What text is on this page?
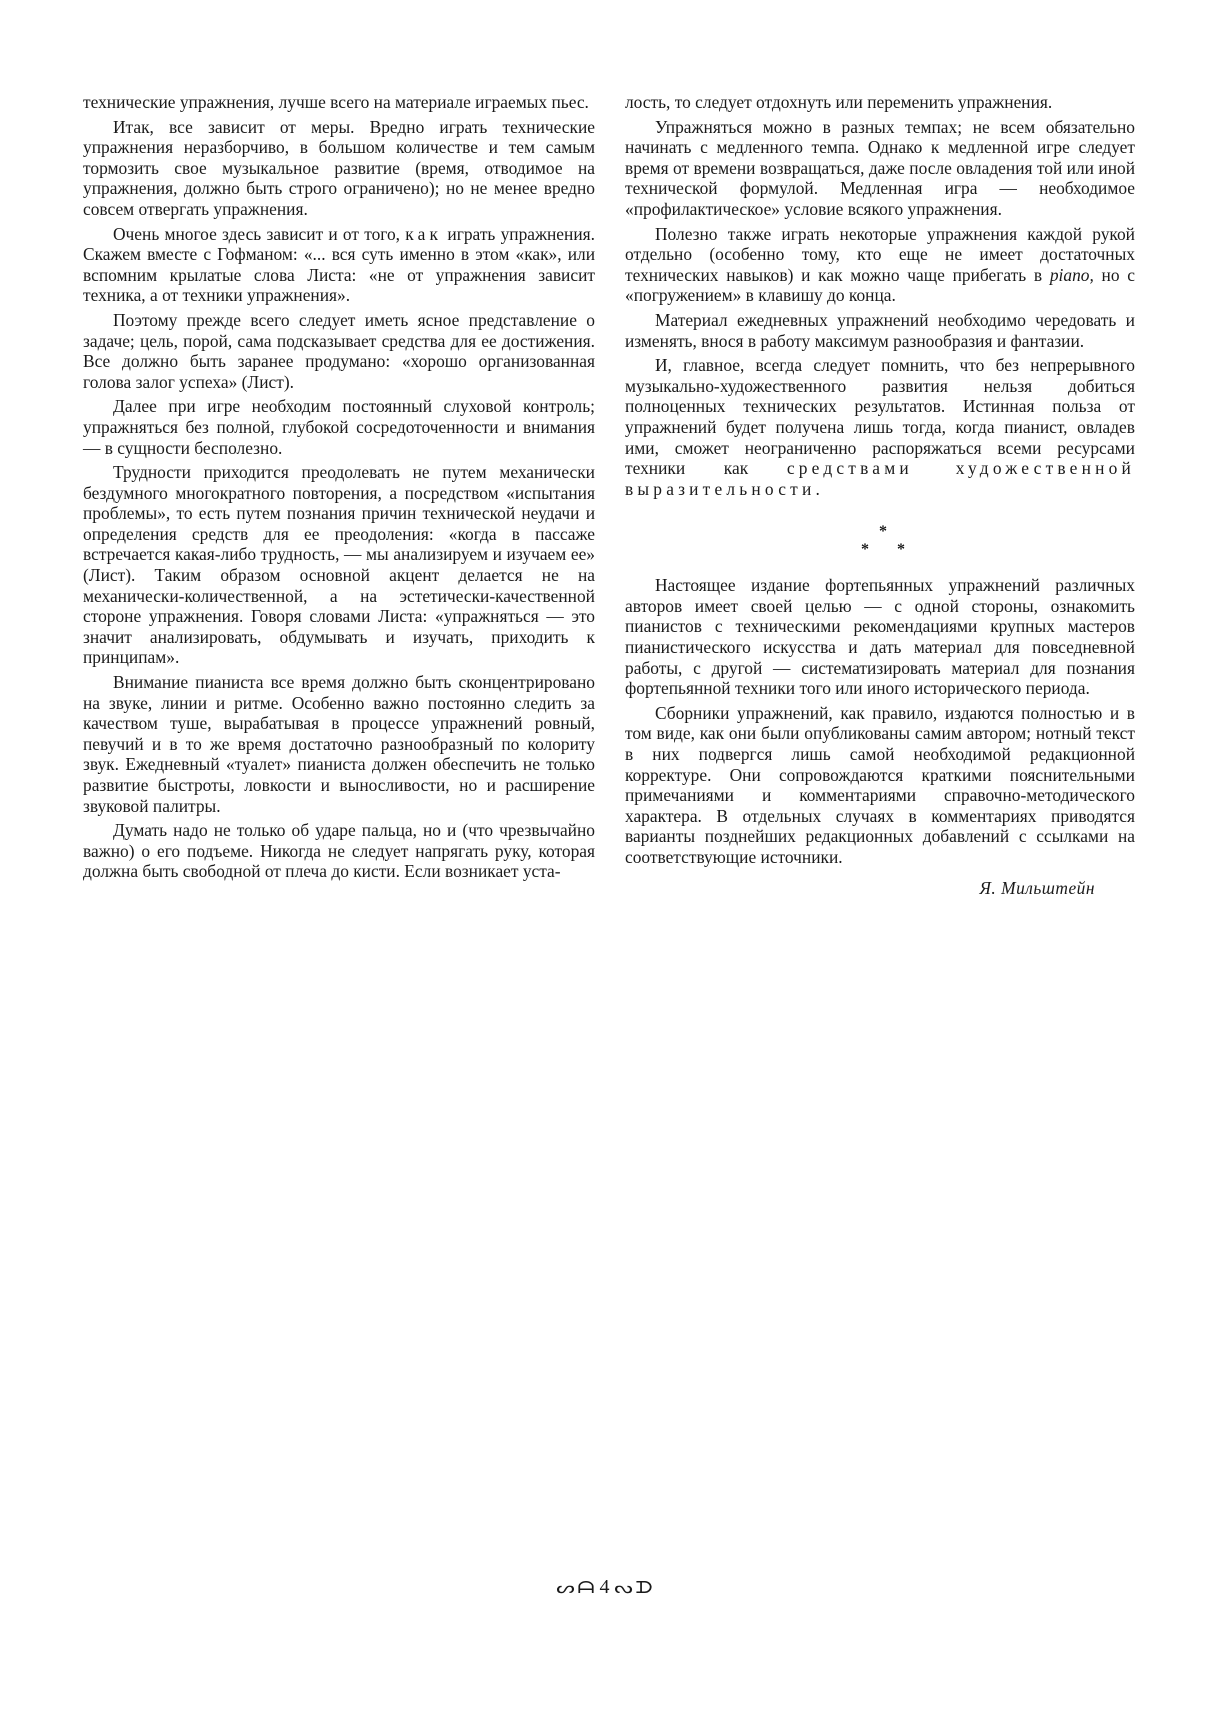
технические упражнения, лучше всего на материале играемых пьес.

Итак, все зависит от меры. Вредно играть технические упражнения неразборчиво, в большом количестве и тем самым тормозить свое музыкальное развитие (время, отводимое на упражнения, должно быть строго ограничено); но не менее вредно совсем отвергать упражнения.

Очень многое здесь зависит и от того, как играть упражнения. Скажем вместе с Гофманом: «... вся суть именно в этом «как», или вспомним крылатые слова Листа: «не от упражнения зависит техника, а от техники упражнения».

Поэтому прежде всего следует иметь ясное представление о задаче; цель, порой, сама подсказывает средства для ее достижения. Все должно быть заранее продумано: «хорошо организованная голова залог успеха» (Лист).

Далее при игре необходим постоянный слуховой контроль; упражняться без полной, глубокой сосредоточенности и внимания — в сущности бесполезно.

Трудности приходится преодолевать не путем механически бездумного многократного повторения, а посредством «испытания проблемы», то есть путем познания причин технической неудачи и определения средств для ее преодоления: «когда в пассаже встречается какая-либо трудность, — мы анализируем и изучаем ее» (Лист). Таким образом основной акцент делается не на механически-количественной, а на эстетически-качественной стороне упражнения. Говоря словами Листа: «упражняться — это значит анализировать, обдумывать и изучать, приходить к принципам».

Внимание пианиста все время должно быть сконцентрировано на звуке, линии и ритме. Особенно важно постоянно следить за качеством туше, вырабатывая в процессе упражнений ровный, певучий и в то же время достаточно разнообразный по колориту звук. Ежедневный «туалет» пианиста должен обеспечить не только развитие быстроты, ловкости и выносливости, но и расширение звуковой палитры.

Думать надо не только об ударе пальца, но и (что чрезвычайно важно) о его подъеме. Никогда не следует напрягать руку, которая должна быть свободной от плеча до кисти. Если возникает уста-

лость, то следует отдохнуть или переменить упражнения.

Упражняться можно в разных темпах; не всем обязательно начинать с медленного темпа. Однако к медленной игре следует время от времени возвращаться, даже после овладения той или иной технической формулой. Медленная игра — необходимое «профилактическое» условие всякого упражнения.

Полезно также играть некоторые упражнения каждой рукой отдельно (особенно тому, кто еще не имеет достаточных технических навыков) и как можно чаще прибегать в piano, но с «погружением» в клавишу до конца.

Материал ежедневных упражнений необходимо чередовать и изменять, внося в работу максимум разнообразия и фантазии.

И, главное, всегда следует помнить, что без непрерывного музыкально-художественного развития нельзя добиться полноценных технических результатов. Истинная польза от упражнений будет получена лишь тогда, когда пианист, овладев ими, сможет неограниченно распоряжаться всеми ресурсами техники как средствами художественной выразительности.

*
* *

Настоящее издание фортепьянных упражнений различных авторов имеет своей целью — с одной стороны, ознакомить пианистов с техническими рекомендациями крупных мастеров пианистического искусства и дать материал для повседневной работы, с другой — систематизировать материал для познания фортепьянной техники того или иного исторического периода.

Сборники упражнений, как правило, издаются полностью и в том виде, как они были опубликованы самим автором; нотный текст в них подвергся лишь самой необходимой редакционной корректуре. Они сопровождаются краткими пояснительными примечаниями и комментариями справочно-методического характера. В отдельных случаях в комментариях приводятся варианты позднейших редакционных добавлений с ссылками на соответствующие источники.

Я. Мильштейн
ᔕᗩ 4 ᔓᗪ
